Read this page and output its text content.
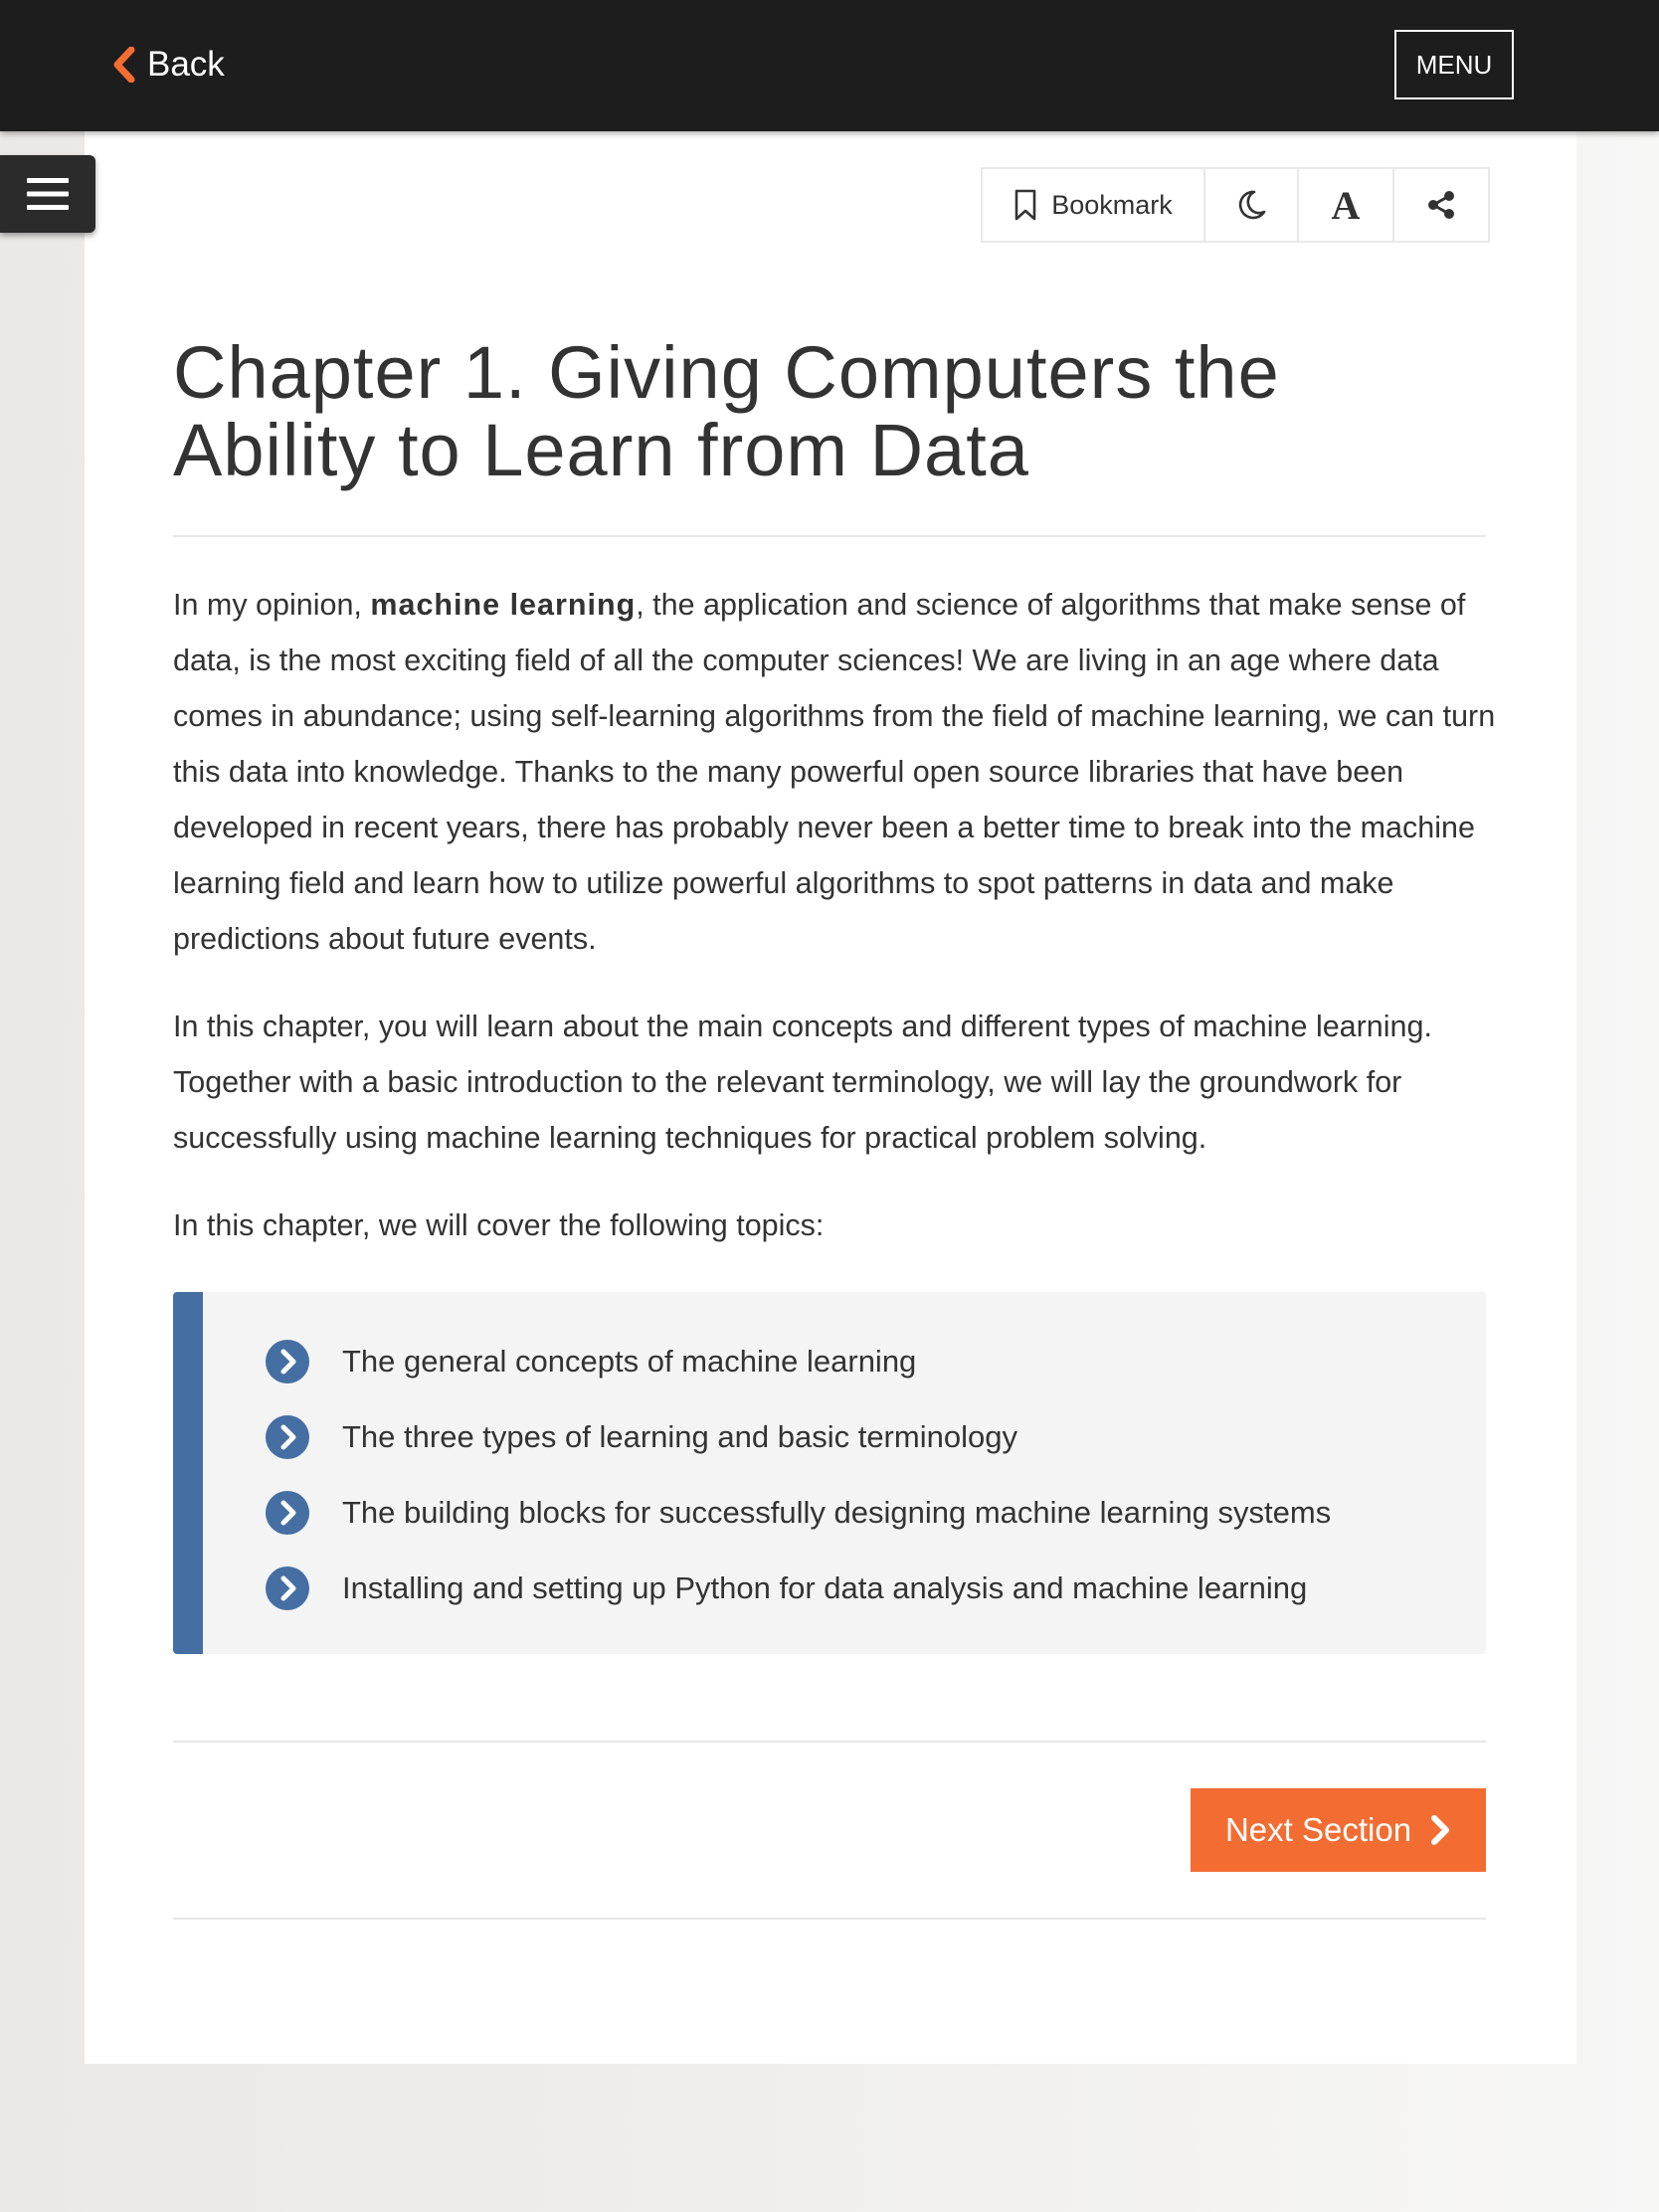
Back	MENU
Bookmark	A
Chapter 1. Giving Computers the
Ability to Learn from Data

In my opinion, machine learning, the application and science of algorithms that make sense of data, is the most exciting field of all the computer sciences! We are living in an age where data comes in abundance; using self-learning algorithms from the field of machine learning, we can turn this data into knowledge. Thanks to the many powerful open source libraries that have been developed in recent years, there has probably never been a better time to break into the machine learning field and learn how to utilize powerful algorithms to spot patterns in data and make predictions about future events.

In this chapter, you will learn about the main concepts and different types of machine learning. Together with a basic introduction to the relevant terminology, we will lay the groundwork for successfully using machine learning techniques for practical problem solving.

In this chapter, we will cover the following topics:

The general concepts of machine learning
The three types of learning and basic terminology
The building blocks for successfully designing machine learning systems
Installing and setting up Python for data analysis and machine learning
Next Section
